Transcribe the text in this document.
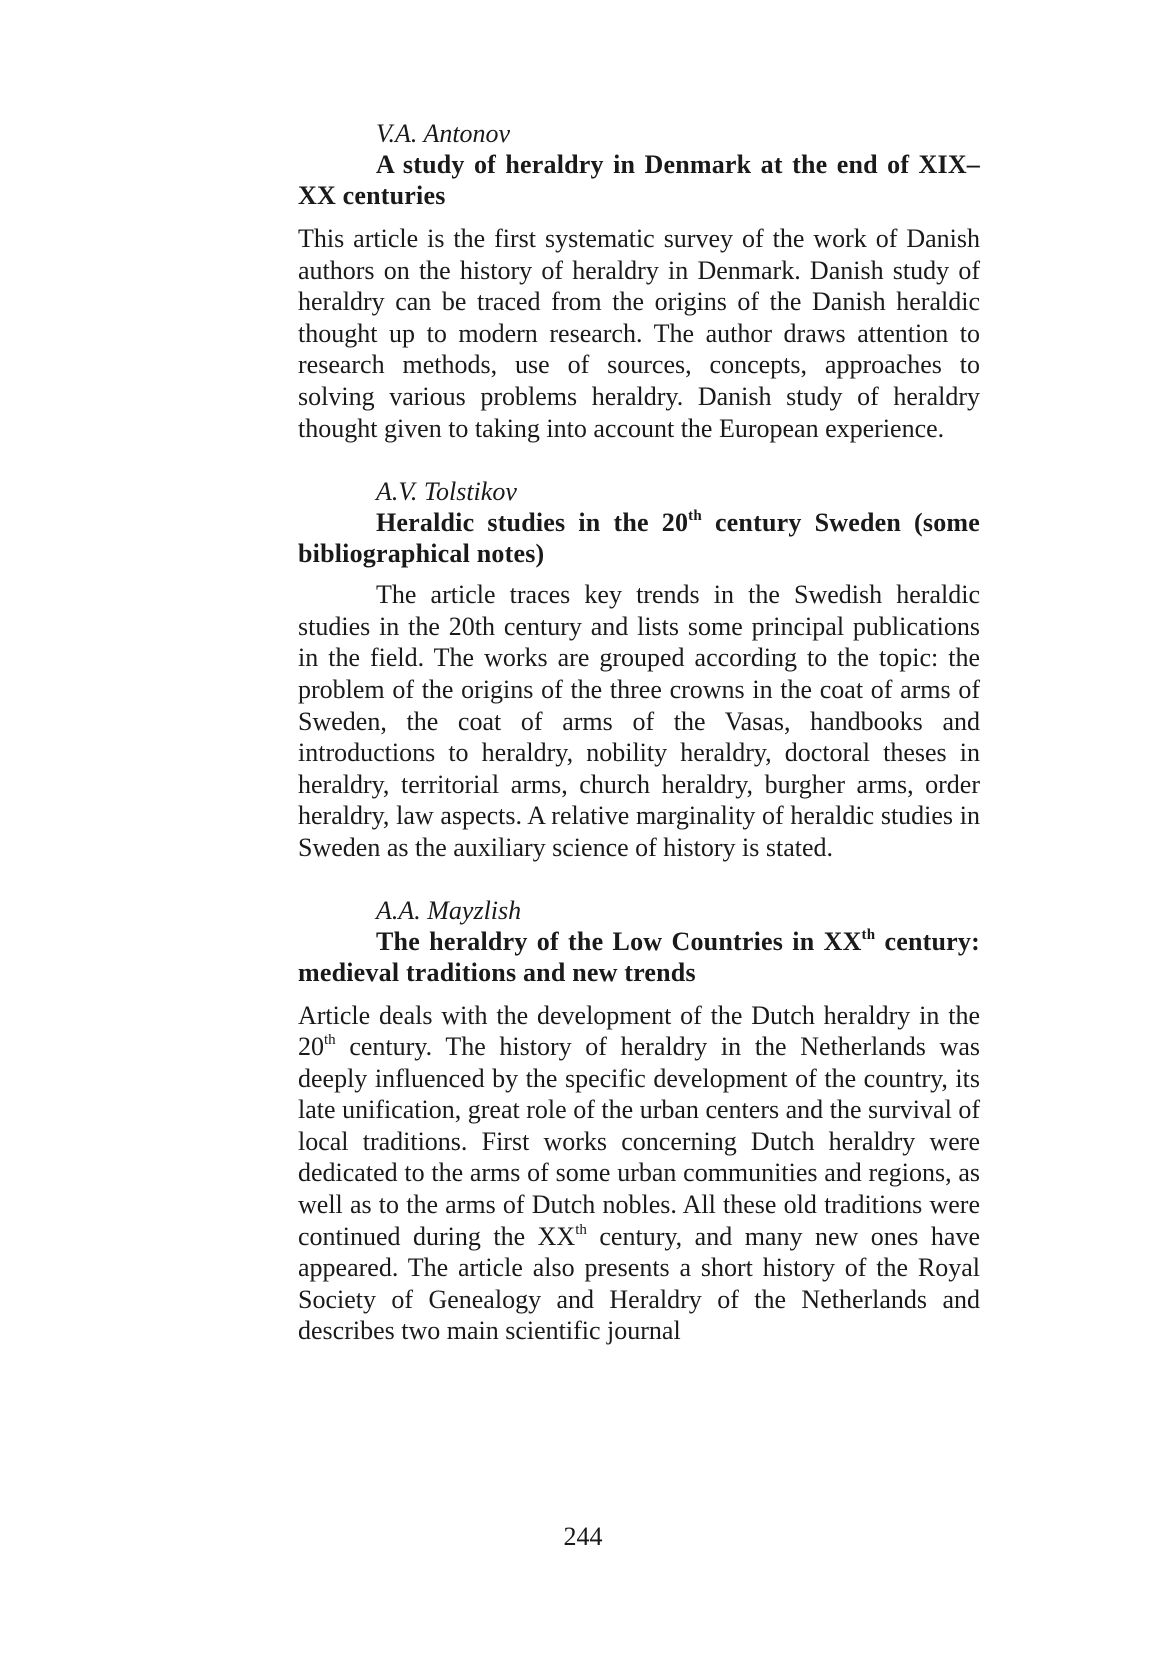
V.A. Antonov

A study of heraldry in Denmark at the end of XIX–XX centuries

This article is the first systematic survey of the work of Danish authors on the history of heraldry in Denmark. Danish study of heraldry can be traced from the origins of the Danish heraldic thought up to modern research. The author draws attention to research methods, use of sources, concepts, approaches to solving various problems heraldry. Danish study of heraldry thought given to taking into account the European experience.

A.V. Tolstikov

Heraldic studies in the 20th century Sweden (some bibliographical notes)

The article traces key trends in the Swedish heraldic studies in the 20th century and lists some principal publications in the field. The works are grouped according to the topic: the problem of the origins of the three crowns in the coat of arms of Sweden, the coat of arms of the Vasas, handbooks and introductions to heraldry, nobility heraldry, doctoral theses in heraldry, territorial arms, church heraldry, burgher arms, order heraldry, law aspects. A relative marginality of heraldic studies in Sweden as the auxiliary science of history is stated.

A.A. Mayzlish

The heraldry of the Low Countries in XXth century: medieval traditions and new trends

Article deals with the development of the Dutch heraldry in the 20th century. The history of heraldry in the Netherlands was deeply influenced by the specific development of the country, its late unification, great role of the urban centers and the survival of local traditions. First works concerning Dutch heraldry were dedicated to the arms of some urban communities and regions, as well as to the arms of Dutch nobles. All these old traditions were continued during the XXth century, and many new ones have appeared. The article also presents a short history of the Royal Society of Genealogy and Heraldry of the Netherlands and describes two main scientific journal

244
